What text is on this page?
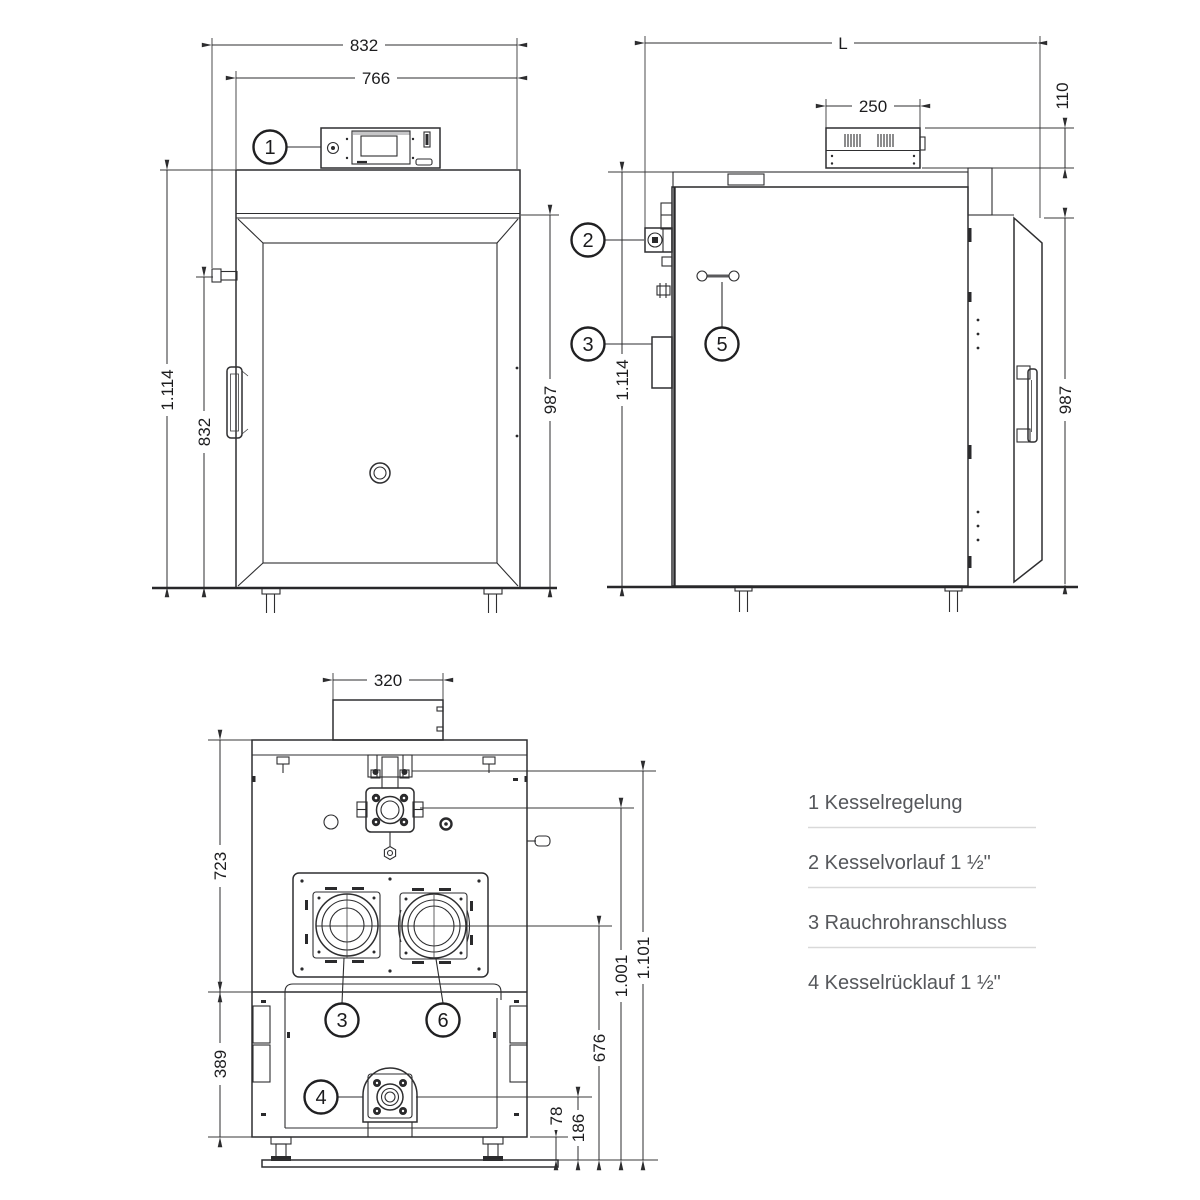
832
766
1.114
832
987
1
L
250	110
1.114	987
2
3	5
320
723
389
78 186
676
1.001 1.101
3	6
4
1 Kesselregelung
2 Kesselvorlauf 1 ½"
3 Rauchrohranschluss
4 Kesselrücklauf 1 ½"
